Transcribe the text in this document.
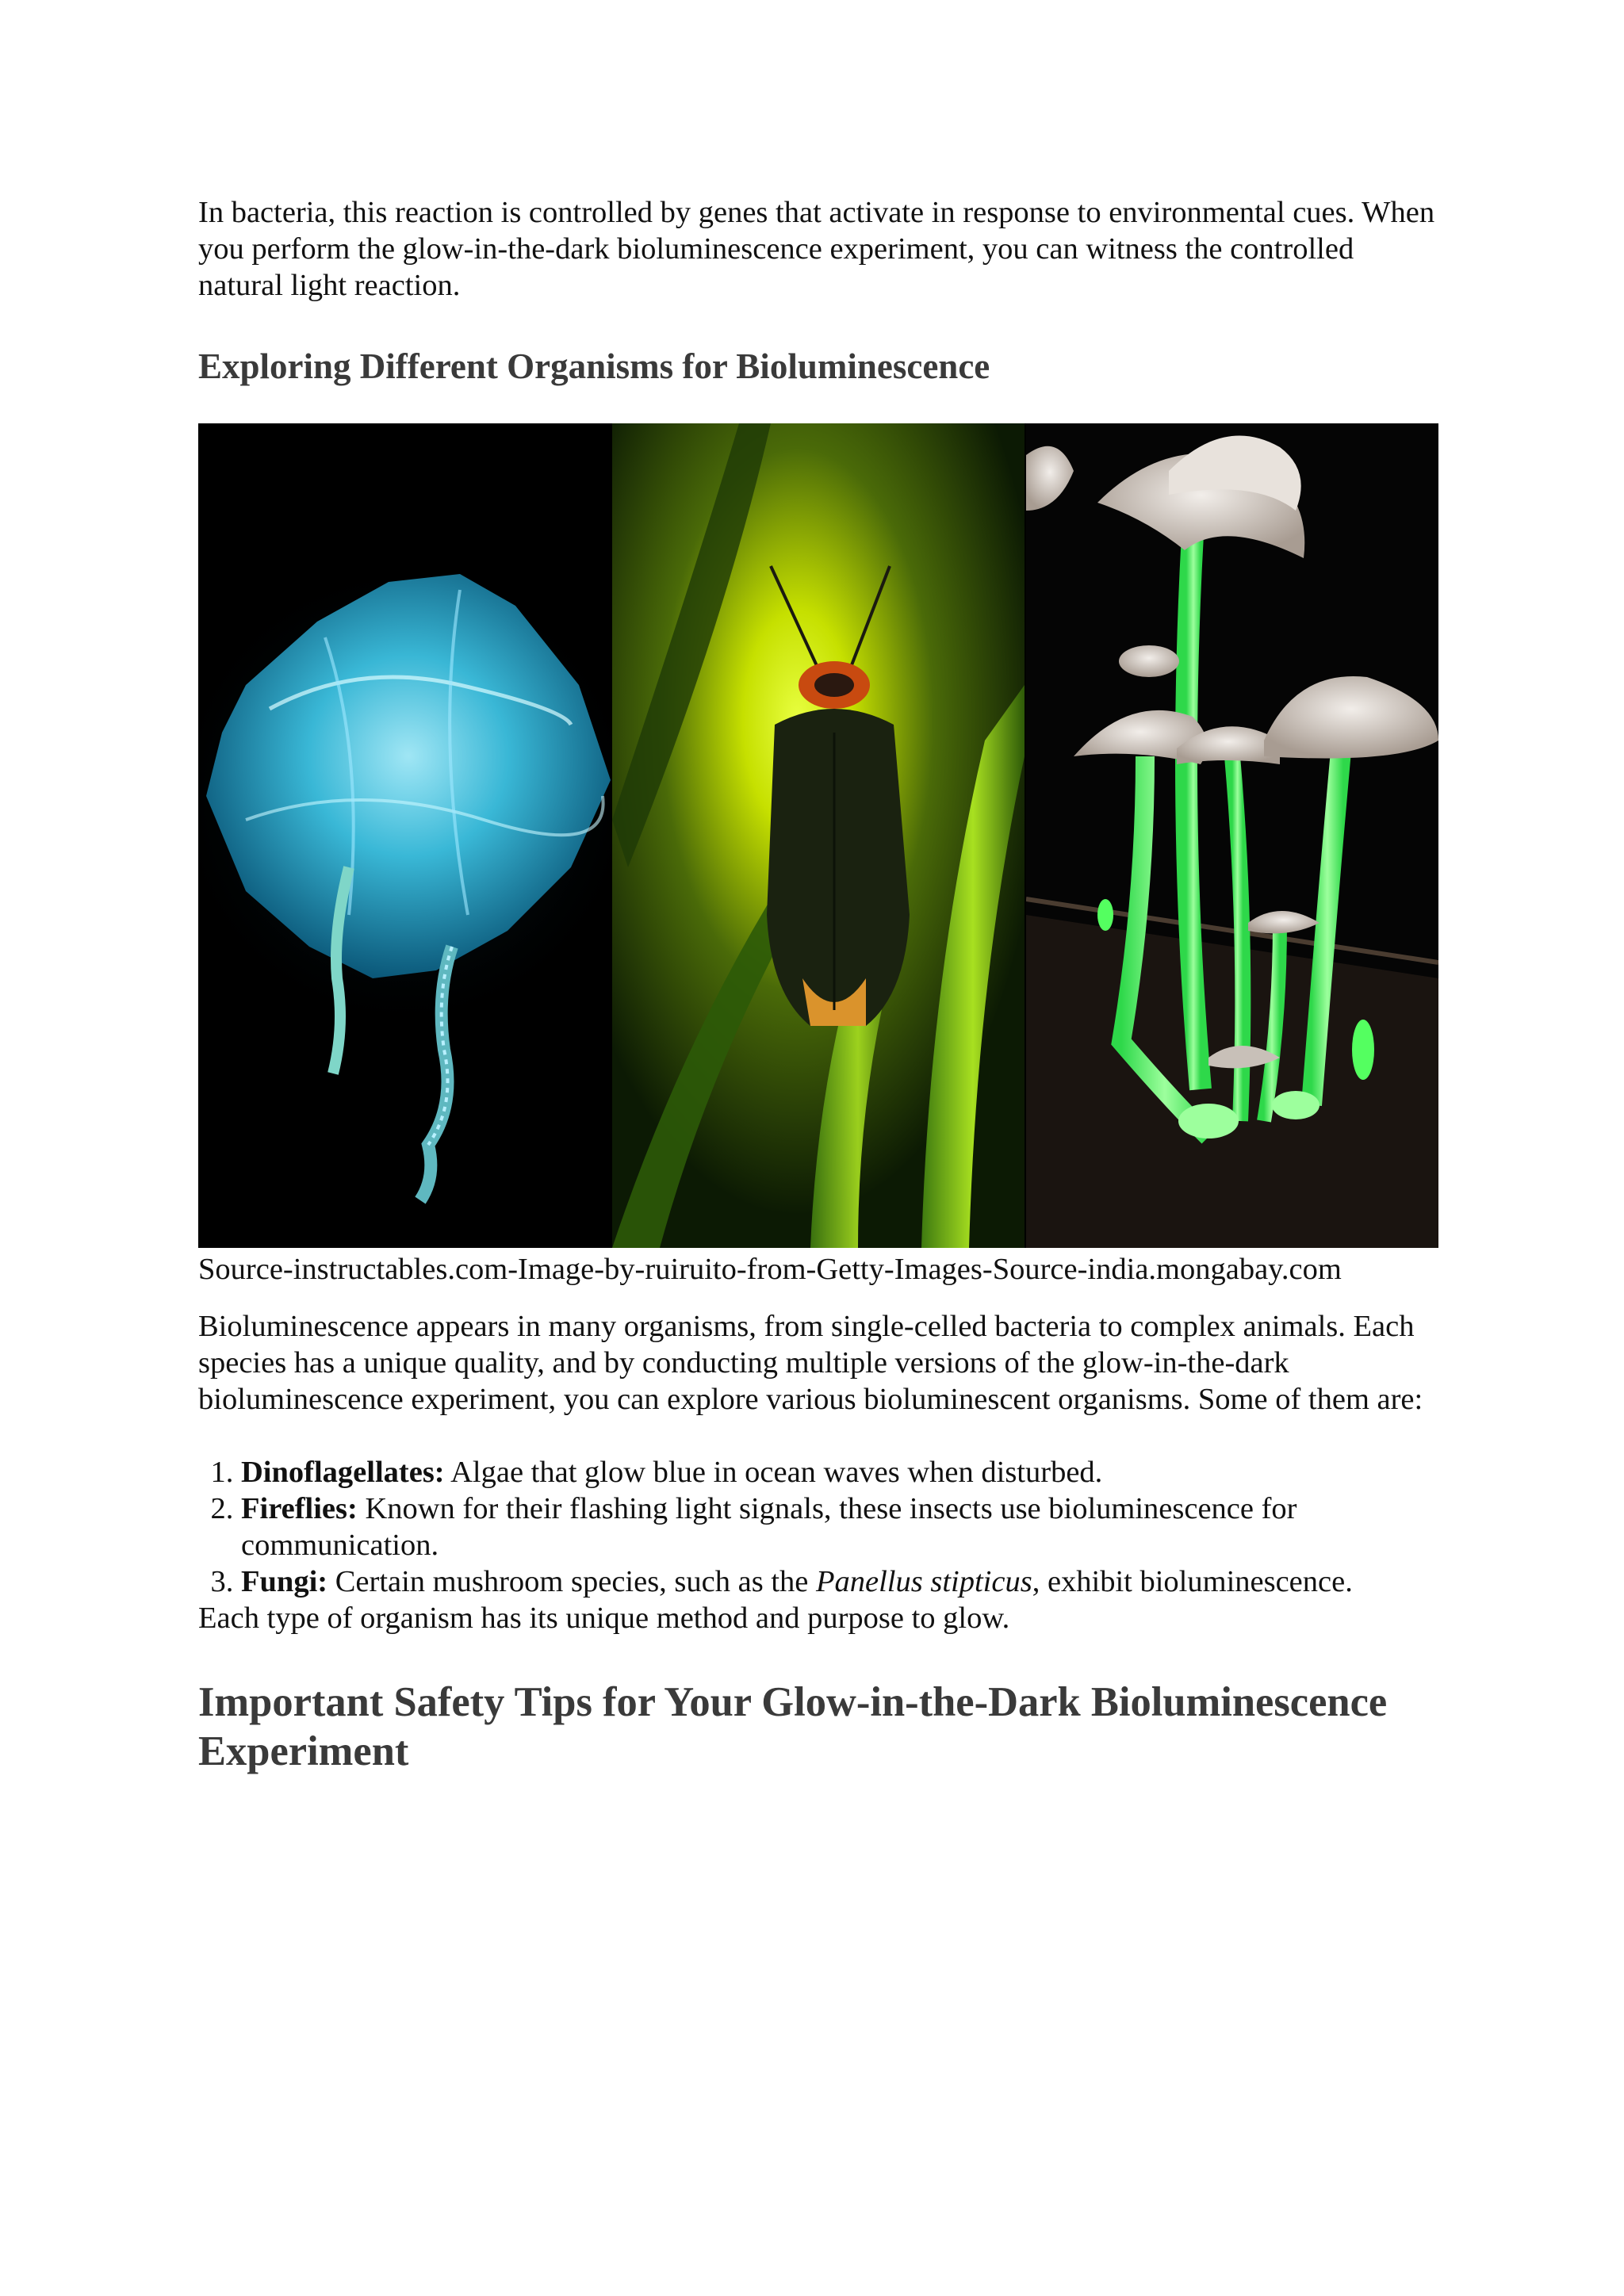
In bacteria, this reaction is controlled by genes that activate in response to environmental cues. When you perform the glow-in-the-dark bioluminescence experiment, you can witness the controlled natural light reaction.

Exploring Different Organisms for Bioluminescence

Source-instructables.com-Image-by-ruiruito-from-Getty-Images-Source-india.mongabay.com

Bioluminescence appears in many organisms, from single-celled bacteria to complex animals. Each species has a unique quality, and by conducting multiple versions of the glow-in-the-dark bioluminescence experiment, you can explore various bioluminescent organisms. Some of them are:

1. Dinoflagellates: Algae that glow blue in ocean waves when disturbed.
2. Fireflies: Known for their flashing light signals, these insects use bioluminescence for communication.
3. Fungi: Certain mushroom species, such as the Panellus stipticus, exhibit bioluminescence.

Each type of organism has its unique method and purpose to glow.

Important Safety Tips for Your Glow-in-the-Dark Bioluminescence Experiment
